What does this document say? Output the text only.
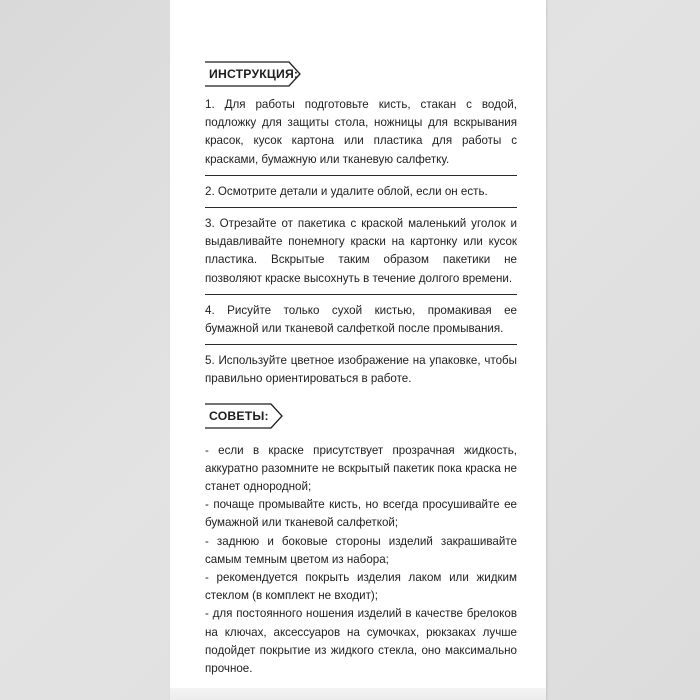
ИНСТРУКЦИЯ:

1. Для работы подготовьте кисть, стакан с водой, подложку для защиты стола, ножницы для вскрывания красок, кусок картона или пластика для работы с красками, бумажную или тканевую салфетку.

2. Осмотрите детали и удалите облой, если он есть.

3. Отрезайте от пакетика с краской маленький уголок и выдавливайте понемногу краски на картонку или кусок пластика. Вскрытые таким образом пакетики не позволяют краске высохнуть в течение долгого времени.

4. Рисуйте только сухой кистью, промакивая ее бумажной или тканевой салфеткой после промывания.

5. Используйте цветное изображение на упаковке, чтобы правильно ориентироваться в работе.

СОВЕТЫ:

- если в краске присутствует прозрачная жидкость, аккуратно разомните не вскрытый пакетик пока краска не станет однородной;

- почаще промывайте кисть, но всегда просушивайте ее бумажной или тканевой салфеткой;

- заднюю и боковые стороны изделий закрашивайте самым темным цветом из набора;

- рекомендуется покрыть изделия лаком или жидким стеклом (в комплект не входит);

- для постоянного ношения изделий в качестве брелоков на ключах, аксессуаров на сумочках, рюкзаках лучше подойдет покрытие из жидкого стекла, оно максимально прочное.
